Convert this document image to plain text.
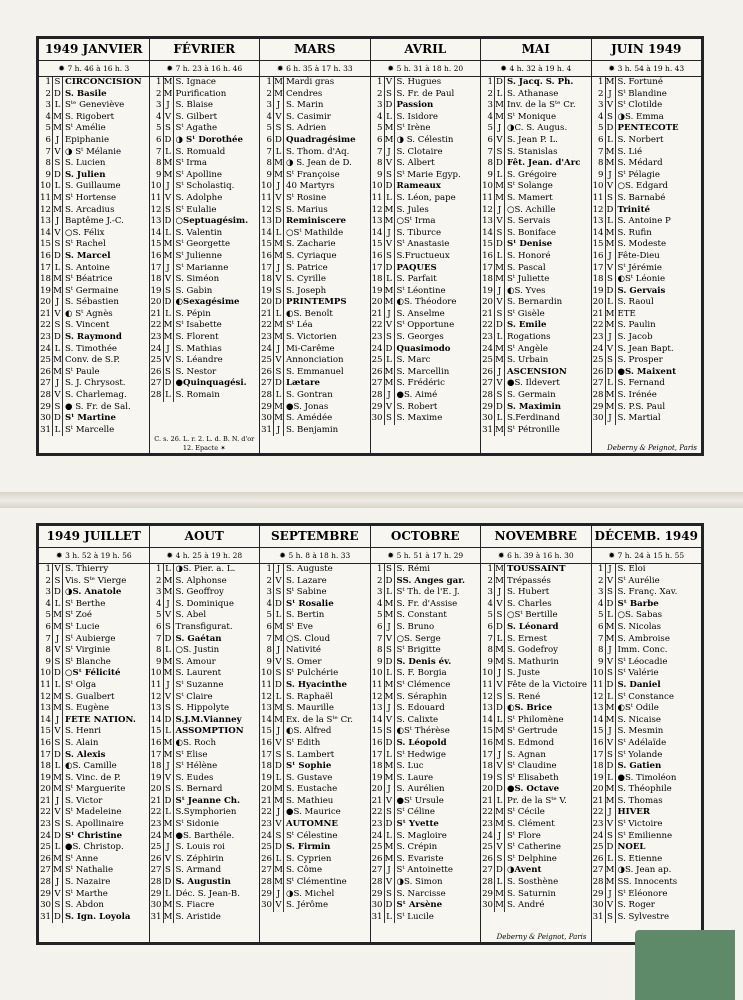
1949 JANVIER
✹ 7 h. 46 à 16 h. 3
1 S CIRCONCISION
2 D S. Basile
3 L Sᵗᵉ Geneviève
4 M S. Rigobert
5 M Sᵗ Amélie
6 J Epiphanie
7 V ◑ Sᵗ Mélanie
8 S S. Lucien
9 D S. Julien
10 L S. Guillaume
11 M Sᵗ Hortense
12 M S. Arcadius
13 J Baptême J.-C.
14 V ○S. Félix
15 S Sᵗ Rachel
16 D S. Marcel
17 L S. Antoine
18 M Sᵗ Béatrice
19 M Sᵗ Germaine
20 J S. Sébastien
21 V ◐ Sᵗ Agnès
22 S S. Vincent
23 D S. Raymond
24 L S. Timothée
25 M Conv. de S.P.
26 M Sᵗ Paule
27 J S. J. Chrysost.
28 V S. Charlemag.
29 S ● S. Fr. de Sal.
30 D Sᵗ Martine
31 L Sᵗ Marcelle
FÉVRIER
✹ 7 h. 23 à 16 h. 46
1 M S. Ignace
2 M Purification
3 J S. Blaise
4 V S. Gilbert
5 S Sᵗ Agathe
6 D ◑ Sᵗ Dorothée
7 L S. Romuald
8 M Sᵗ Irma
9 M Sᵗ Apolline
10 J Sᵗ Scholastiq.
11 V S. Adolphe
12 S Sᵗ Eulalie
13 D ○Septuagésim.
14 L S. Valentin
15 M Sᵗ Georgette
16 M Sᵗ Julienne
17 J Sᵗ Marianne
18 V S. Siméon
19 S S. Gabin
20 D ◐Sexagésime
21 L S. Pépin
22 M Sᵗ Isabette
23 M S. Florent
24 J S. Mathias
25 V S. Léandre
26 S S. Nestor
27 D ●Quinquagési.
28 L S. Romain
C. s. 26. L. r. 2. L. d. B. N. d'or 12. Epacte ✶
MARS
✹ 6 h. 35 à 17 h. 33
1 M Mardi gras
2 M Cendres
3 J S. Marin
4 V S. Casimir
5 S S. Adrien
6 D Quadragésime
7 L S. Thom. d'Aq.
8 M ◑ S. Jean de D.
9 M Sᵗ Françoise
10 J 40 Martyrs
11 V Sᵗ Rosine
12 S S. Marius
13 D Reminiscere
14 L ○Sᵗ Mathilde
15 M S. Zacharie
16 M S. Cyriaque
17 J S. Patrice
18 V S. Cyrille
19 S S. Joseph
20 D PRINTEMPS
21 L ◐S. Benoît
22 M Sᵗ Léa
23 M S. Victorien
24 J Mi-Carême
25 V Annonciation
26 S S. Emmanuel
27 D Lætare
28 L S. Gontran
29 M ●S. Jonas
30 M S. Amédée
31 J S. Benjamin
AVRIL
✹ 5 h. 31 à 18 h. 20
1 V S. Hugues
2 S S. Fr. de Paul
3 D Passion
4 L S. Isidore
5 M Sᵗ Irène
6 M ◑ S. Célestin
7 J S. Clotaire
8 V S. Albert
9 S Sᵗ Marie Égyp.
10 D Rameaux
11 L S. Léon, pape
12 M S. Jules
13 M ○Sᵗ Irma
14 J S. Tiburce
15 V Sᵗ Anastasie
16 S S.Fructueux
17 D PAQUES
18 L S. Parfait
19 M Sᵗ Léontine
20 M ◐S. Théodore
21 J S. Anselme
22 V Sᵗ Opportune
23 S S. Georges
24 D Quasimodo
25 L S. Marc
26 M S. Marcellin
27 M S. Frédéric
28 J ●S. Aimé
29 V S. Robert
30 S S. Maxime
MAI
✹ 4 h. 32 à 19 h. 4
1 D S. Jacq. S. Ph.
2 L S. Athanase
3 M Inv. de la Sᵗᵉ Cr.
4 M Sᵗ Monique
5 J ◑C. S. Augus.
6 V S. Jean P. L.
7 S S. Stanislas
8 D Fêt. Jean. d'Arc
9 L S. Grégoire
10 M Sᵗ Solange
11 M S. Mamert
12 J ○S. Achille
13 V S. Servais
14 S S. Boniface
15 D Sᵗ Denise
16 L S. Honoré
17 M S. Pascal
18 M Sᵗ Juliette
19 J ◐S. Yves
20 V S. Bernardin
21 S Sᵗ Gisèle
22 D S. Emile
23 L Rogations
24 M Sᵗ Angèle
25 M S. Urbain
26 J ASCENSION
27 V ●S. Ildevert
28 S S. Germain
29 D S. Maximin
30 L S.Ferdinand
31 M Sᵗ Pétronille
JUIN 1949
✹ 3 h. 54 à 19 h. 43
1 M S. Fortuné
2 J Sᵗ Blandine
3 V Sᵗ Clotilde
4 S ◑S. Emma
5 D PENTECOTE
6 L S. Norbert
7 M S. Lié
8 M S. Médard
9 J Sᵗ Pélagie
10 V ○S. Edgard
11 S S. Barnabé
12 D Trinité
13 L S. Antoine P
14 M S. Rufin
15 M S. Modeste
16 J Fête-Dieu
17 V Sᵗ Jérémie
18 S ◐Sᵗ Léonie
19 D S. Gervais
20 L S. Raoul
21 M ÉTÉ
22 M S. Paulin
23 J S. Jacob
24 V S. Jean Bapt.
25 S S. Prosper
26 D ●S. Maixent
27 L S. Fernand
28 M S. Irénée
29 M S. P.S. Paul
30 J S. Martial
Deberny & Peignot, Paris
1949 JUILLET
✹ 3 h. 52 à 19 h. 56
1 V S. Thierry
2 S Vis. Sᵗᵉ Vierge
3 D ◑S. Anatole
4 L Sᵗ Berthe
5 M Sᵗ Zoé
6 M Sᵗ Lucie
7 J Sᵗ Aubierge
8 V Sᵗ Virginie
9 S Sᵗ Blanche
10 D ○Sᵗ Félicité
11 L Sᵗ Olga
12 M S. Gualbert
13 M S. Eugène
14 J FÊTE NATION.
15 V S. Henri
16 S S. Alain
17 D S. Alexis
18 L ◐S. Camille
19 M S. Vinc. de P.
20 M Sᵗ Marguerite
21 J S. Victor
22 V Sᵗ Madeleine
23 S S. Apollinaire
24 D Sᵗ Christine
25 L ●S. Christop.
26 M Sᵗ Anne
27 M Sᵗ Nathalie
28 J S. Nazaire
29 V Sᵗ Marthe
30 S S. Abdon
31 D S. Ign. Loyola
AOUT
✹ 4 h. 25 à 19 h. 28
1 L ◑S. Pier. a. L.
2 M S. Alphonse
3 M S. Geoffroy
4 J S. Dominique
5 V S. Abel
6 S Transfigurat.
7 D S. Gaétan
8 L ○S. Justin
9 M S. Amour
10 M S. Laurent
11 J Sᵗ Suzanne
12 V Sᵗ Claire
13 S S. Hippolyte
14 D S.J.M.Vianney
15 L ASSOMPTION
16 M ◐S. Roch
17 M Sᵗ Élise
18 J Sᵗ Hélène
19 V S. Eudes
20 S S. Bernard
21 D Sᵗ Jeanne Ch.
22 L S.Symphorien
23 M Sᵗ Sidonie
24 M ●S. Barthéle.
25 J S. Louis roi
26 V S. Zéphirin
27 S S. Armand
28 D S. Augustin
29 L Déc. S. Jean-B.
30 M S. Fiacre
31 M S. Aristide
SEPTEMBRE
✹ 5 h. 8 à 18 h. 33
1 J S. Auguste
2 V S. Lazare
3 S Sᵗ Sabine
4 D Sᵗ Rosalie
5 L S. Bertin
6 M Sᵗ Ève
7 M ○S. Cloud
8 J Nativité
9 V S. Omer
10 S Sᵗ Pulchérie
11 D S. Hyacinthe
12 L S. Raphaël
13 M S. Maurille
14 M Ex. de la Sᵗᵉ Cr.
15 J ◐S. Alfred
16 V Sᵗ Édith
17 S S. Lambert
18 D Sᵗ Sophie
19 L S. Gustave
20 M S. Eustache
21 M S. Mathieu
22 J ●S. Maurice
23 V AUTOMNE
24 S Sᵗ Célestine
25 D S. Firmin
26 L S. Cyprien
27 M S. Côme
28 M Sᵗ Clémentine
29 J ◑S. Michel
30 V S. Jérôme
OCTOBRE
✹ 5 h. 51 à 17 h. 29
1 S S. Rémi
2 D SS. Anges gar.
3 L Sᵗ Th. de l'E. J.
4 M S. Fr. d'Assise
5 M S. Constant
6 J S. Bruno
7 V ○S. Serge
8 S Sᵗ Brigitte
9 D S. Denis év.
10 L S. F. Borgia
11 M Sᵗ Clémence
12 M S. Séraphin
13 J S. Edouard
14 V S. Calixte
15 S ◐Sᵗ Thérèse
16 D S. Léopold
17 L Sᵗ Hedwige
18 M S. Luc
19 M S. Laure
20 J S. Aurélien
21 V ●Sᵗ Ursule
22 S Sᵗ Céline
23 D Sᵗ Yvette
24 L S. Magloire
25 M S. Crépin
26 M S. Évariste
27 J Sᵗ Antoinette
28 V ◑S. Simon
29 S S. Narcisse
30 D Sᵗ Arsène
31 L Sᵗ Lucile
NOVEMBRE
✹ 6 h. 39 à 16 h. 30
1 M TOUSSAINT
2 M Trépassés
3 J S. Hubert
4 V S. Charles
5 S ○Sᵗ Bertille
6 D S. Léonard
7 L S. Ernest
8 M S. Godefroy
9 M S. Mathurin
10 J S. Juste
11 V Fête de la Victoire
12 S S. René
13 D ◐S. Brice
14 L Sᵗ Philomène
15 M Sᵗ Gertrude
16 M S. Edmond
17 J S. Agnan
18 V Sᵗ Claudine
19 S Sᵗ Élisabeth
20 D ●S. Octave
21 L Pr. de la Sᵗᵉ V.
22 M Sᵗ Cécile
23 M S. Clément
24 J Sᵗ Flore
25 V Sᵗ Catherine
26 S Sᵗ Delphine
27 D ◑Avent
28 L S. Sosthène
29 M S. Saturnin
30 M S. André
Deberny & Peignot, Paris
DÉCEMB. 1949
✹ 7 h. 24 à 15 h. 55
1 J S. Éloi
2 V Sᵗ Aurélie
3 S S. Franç. Xav.
4 D Sᵗ Barbe
5 L ○S. Sabas
6 M S. Nicolas
7 M S. Ambroise
8 J Imm. Conc.
9 V Sᵗ Léocadie
10 S Sᵗ Valérie
11 D S. Daniel
12 L Sᵗ Constance
13 M ◐Sᵗ Odile
14 M S. Nicaise
15 J S. Mesmin
16 V Sᵗ Adélaïde
17 S Sᵗ Yolande
18 D S. Gatien
19 L ●S. Timoléon
20 M S. Théophile
21 M S. Thomas
22 J HIVER
23 V Sᵗ Victoire
24 S Sᵗ Émilienne
25 D NOËL
26 L S. Étienne
27 M ◑S. Jean ap.
28 M SS. Innocents
29 J Sᵗ Éléonore
30 V S. Roger
31 S S. Sylvestre
